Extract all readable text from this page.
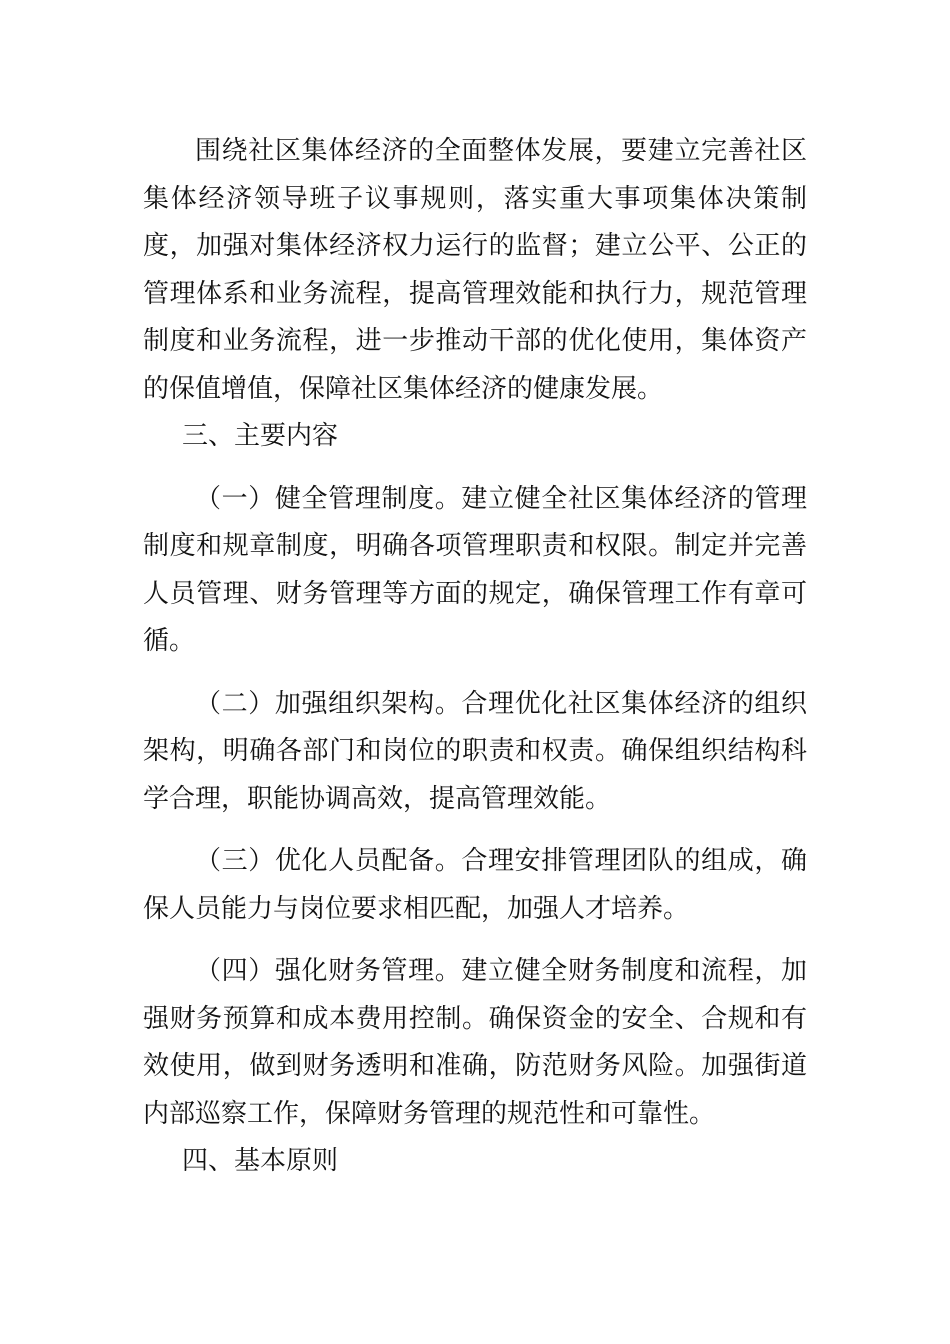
围绕社区集体经济的全面整体发展，要建立完善社区集体经济领导班子议事规则，落实重大事项集体决策制度，加强对集体经济权力运行的监督；建立公平、公正的管理体系和业务流程，提高管理效能和执行力，规范管理制度和业务流程，进一步推动干部的优化使用，集体资产的保值增值，保障社区集体经济的健康发展。

三、主要内容

（一）健全管理制度。建立健全社区集体经济的管理制度和规章制度，明确各项管理职责和权限。制定并完善人员管理、财务管理等方面的规定，确保管理工作有章可循。

（二）加强组织架构。合理优化社区集体经济的组织架构，明确各部门和岗位的职责和权责。确保组织结构科学合理，职能协调高效，提高管理效能。

（三）优化人员配备。合理安排管理团队的组成，确保人员能力与岗位要求相匹配，加强人才培养。

（四）强化财务管理。建立健全财务制度和流程，加强财务预算和成本费用控制。确保资金的安全、合规和有效使用，做到财务透明和准确，防范财务风险。加强街道内部巡察工作，保障财务管理的规范性和可靠性。

四、基本原则
